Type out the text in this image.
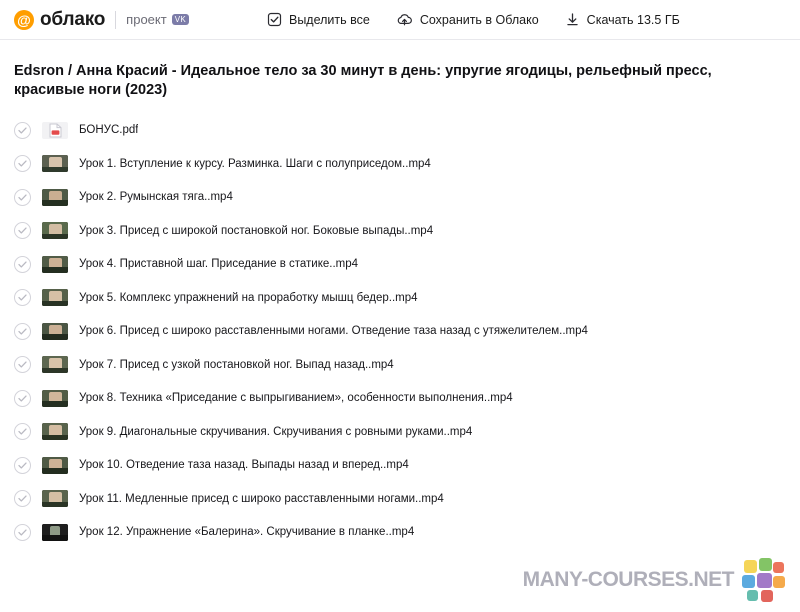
@ облако проект	VK	Выделить все	Сохранить в Облако	Скачать 13.5 ГБ
Edsron / Анна Красий - Идеальное тело за 30 минут в день: упругие ягодицы, рельефный пресс, красивые ноги (2023)
БОНУС.pdf
Урок 1. Вступление к курсу. Разминка. Шаги с полуприседом..mp4
Урок 2. Румынская тяга..mp4
Урок 3. Присед с широкой постановкой ног. Боковые выпады..mp4
Урок 4. Приставной шаг. Приседание в статике..mp4
Урок 5. Комплекс упражнений на проработку мышц бедер..mp4
Урок 6. Присед с широко расставленными ногами. Отведение таза назад с утяжелителем..mp4
Урок 7. Присед с узкой постановкой ног. Выпад назад..mp4
Урок 8. Техника «Приседание с выпрыгиванием», особенности выполнения..mp4
Урок 9. Диагональные скручивания. Скручивания с ровными руками..mp4
Урок 10. Отведение таза назад. Выпады назад и вперед..mp4
Урок 11. Медленные присед с широко расставленными ногами..mp4
Урок 12. Упражнение «Балерина». Скручивание в планке..mp4
MANY-COURSES.NET
